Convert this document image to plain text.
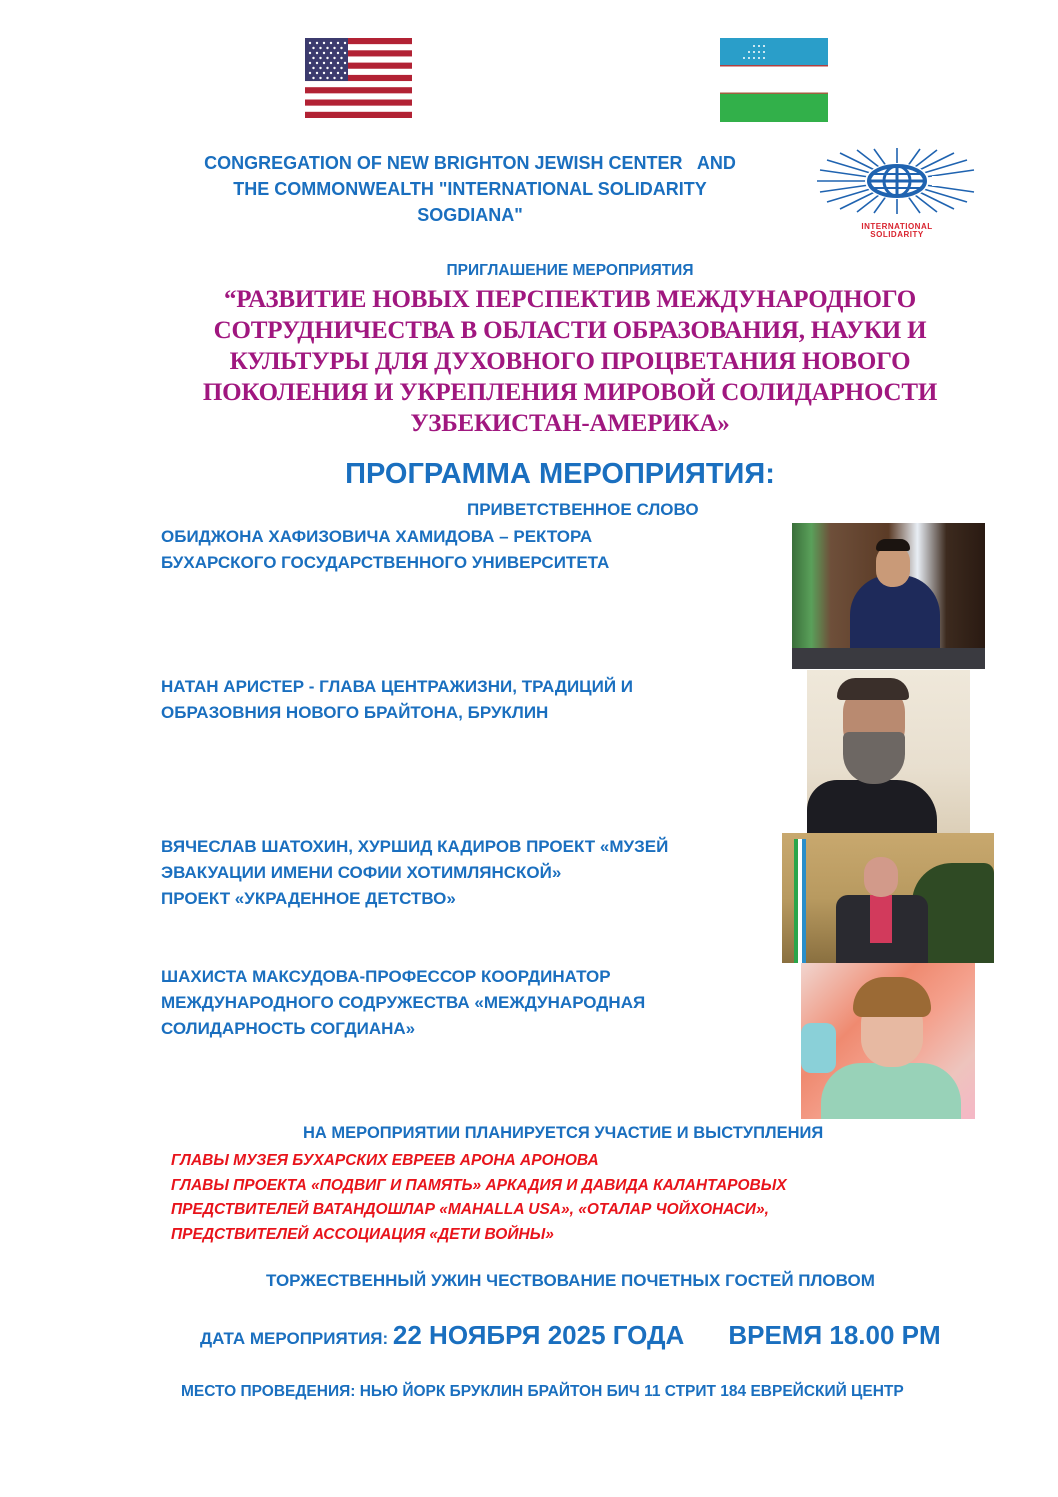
CONGREGATION OF NEW BRIGHTON JEWISH CENTER   AND
THE COMMONWEALTH "INTERNATIONAL SOLIDARITY
SOGDIANA"
INTERNATIONAL
SOLIDARITY
ПРИГЛАШЕНИЕ МЕРОПРИЯТИЯ
“РАЗВИТИЕ НОВЫХ ПЕРСПЕКТИВ МЕЖДУНАРОДНОГО
СОТРУДНИЧЕСТВА В ОБЛАСТИ ОБРАЗОВАНИЯ, НАУКИ И
КУЛЬТУРЫ ДЛЯ ДУХОВНОГО ПРОЦВЕТАНИЯ НОВОГО
ПОКОЛЕНИЯ И УКРЕПЛЕНИЯ МИРОВОЙ СОЛИДАРНОСТИ
УЗБЕКИСТАН-АМЕРИКА»
ПРОГРАММА МЕРОПРИЯТИЯ:
ПРИВЕТСТВЕННОЕ СЛОВО
ОБИДЖОНА ХАФИЗОВИЧА ХАМИДОВА – РЕКТОРА
БУХАРСКОГО ГОСУДАРСТВЕННОГО УНИВЕРСИТЕТА
НАТАН АРИСТЕР - ГЛАВА ЦЕНТРАЖИЗНИ, ТРАДИЦИЙ И
ОБРАЗОВНИЯ НОВОГО БРАЙТОНА, БРУКЛИН
ВЯЧЕСЛАВ ШАТОХИН, ХУРШИД КАДИРОВ ПРОЕКТ «МУЗЕЙ
ЭВАКУАЦИИ ИМЕНИ СОФИИ ХОТИМЛЯНСКОЙ»
ПРОЕКТ «УКРАДЕННОЕ ДЕТСТВО»
ШАХИСТА МАКСУДОВА-ПРОФЕССОР КООРДИНАТОР
МЕЖДУНАРОДНОГО СОДРУЖЕСТВА «МЕЖДУНАРОДНАЯ
СОЛИДАРНОСТЬ СОГДИАНА»
НА МЕРОПРИЯТИИ ПЛАНИРУЕТСЯ УЧАСТИЕ И ВЫСТУПЛЕНИЯ
ГЛАВЫ МУЗЕЯ БУХАРСКИХ ЕВРЕЕВ АРОНА АРОНОВА
ГЛАВЫ ПРОЕКТА «ПОДВИГ И ПАМЯТЬ» АРКАДИЯ И ДАВИДА КАЛАНТАРОВЫХ
ПРЕДСТВИТЕЛЕЙ ВАТАНДОШЛАР «MAHALLA USA», «ОТАЛАР ЧОЙХОНАСИ»,
ПРЕДСТВИТЕЛЕЙ АССОЦИАЦИЯ «ДЕТИ ВОЙНЫ»
ТОРЖЕСТВЕННЫЙ УЖИН ЧЕСТВОВАНИЕ ПОЧЕТНЫХ ГОСТЕЙ ПЛОВОМ
ДАТА МЕРОПРИЯТИЯ: 22 НОЯБРЯ 2025 ГОДА ВРЕМЯ 18.00 PM
МЕСТО ПРОВЕДЕНИЯ: НЬЮ ЙОРК БРУКЛИН БРАЙТОН БИЧ 11 СТРИТ 184 ЕВРЕЙСКИЙ ЦЕНТР
